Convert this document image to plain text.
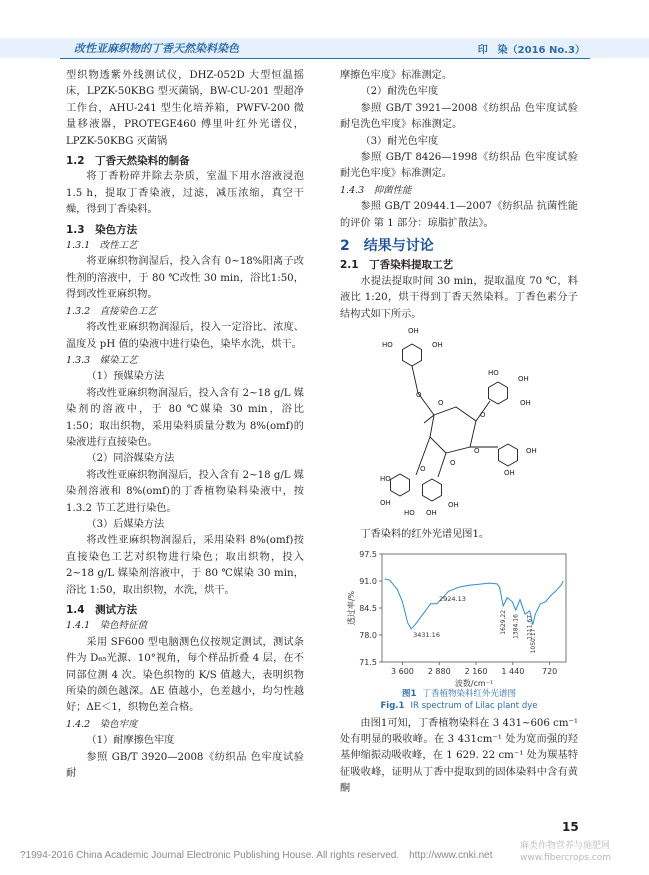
改性亚麻织物的丁香天然染料染色	印　染（2016 No.3）

型织物透紫外线测试仪，DHZ-052D 大型恒温摇床，LPZK-50KBG 型灭菌锅，BW-CU-201 型超净工作台，AHU-241 型生化培养箱，PWFV-200 微量移液器，PROTEGE460 傅里叶红外光谱仪，LPZK-50KBG 灭菌锅

1.2　丁香天然染料的制备

将丁香粉碎并除去杂质，室温下用水溶液浸泡 1.5 h，提取丁香染液，过滤，减压浓缩，真空干燥，得到丁香染料。

1.3　染色方法
1.3.1　改性工艺

将亚麻织物润湿后，投入含有 0~18%阳离子改性剂的溶液中，于 80 ℃改性 30 min，浴比1:50，得到改性亚麻织物。

1.3.2　直接染色工艺

将改性亚麻织物润湿后，投入一定浴比、浓度、温度及 pH 值的染液中进行染色，染毕水洗，烘干。

1.3.3　媒染工艺

（1）预媒染方法

将改性亚麻织物润湿后，投入含有 2~18 g/L 媒染剂的溶液中，于 80 ℃媒染 30 min，浴比 1:50；取出织物，采用染料质量分数为 8%(omf)的染液进行直接染色。

（2）同浴媒染方法

将改性亚麻织物润湿后，投入含有 2~18 g/L 媒染剂溶液和 8%(omf)的丁香植物染料染液中，按 1.3.2 节工艺进行染色。

（3）后媒染方法

将改性亚麻织物润湿后，采用染料 8%(omf)按直接染色工艺对织物进行染色；取出织物，投入 2~18 g/L 媒染剂溶液中，于 80 ℃媒染 30 min，浴比 1:50，取出织物，水洗，烘干。

1.4　测试方法
1.4.1　染色特征值

采用 SF600 型电脑测色仪按规定测试，测试条件为 D₆₅光源、10°视角，每个样品折叠 4 层，在不同部位测 4 次。染色织物的 K/S 值越大，表明织物所染的颜色越深。ΔE 值越小，色差越小，均匀性越好；ΔE＜1，织物色差合格。

1.4.2　染色牢度

（1）耐摩擦色牢度

参照 GB/T 3920—2008《纺织品 色牢度试验 耐

摩擦色牢度》标准测定。

（2）耐洗色牢度

参照 GB/T 3921—2008《纺织品 色牢度试验 耐皂洗色牢度》标准测定。

（3）耐光色牢度

参照 GB/T 8426—1998《纺织品 色牢度试验 耐光色牢度》标准测定。

1.4.3　抑菌性能

参照 GB/T 20944.1—2007《纺织品 抗菌性能的评价 第 1 部分：琼脂扩散法》。

2　结果与讨论
2.1　丁香染料提取工艺

水提法提取时间 30 min，提取温度 70 ℃，料液比 1:20，烘干得到丁香天然染料。丁香色素分子结构式如下所示。

OH
HO	OH
O
O
O
O
OH
OH
HO
OH
O
O
HO
OH
HO OH
OH
OH

丁香染料的红外光谱见图1。

97.5
91.0
84.5
78.0
71.5
3 600 2 880 2 160 1 440 720
透过率/%
波数/cm⁻¹
3431.16
2924.13
1629.22 1384.16 1111.67
1050.17
图1 丁香植物染料红外光谱图
Fig.1 IR spectrum of Lilac plant dye

由图1可知，丁香植物染料在 3 431~606 cm⁻¹ 处有明显的吸收峰。在 3 431cm⁻¹ 处为宽而强的羟基伸缩振动吸收峰，在 1 629. 22 cm⁻¹ 处为羰基特征吸收峰，证明从丁香中提取到的固体染料中含有黄酮

15
?1994-2016 China Academic Journal Electronic Publishing House. All rights reserved.　http://www.cnki.net
麻类作物营养与施肥网
www.fibercrops.com
